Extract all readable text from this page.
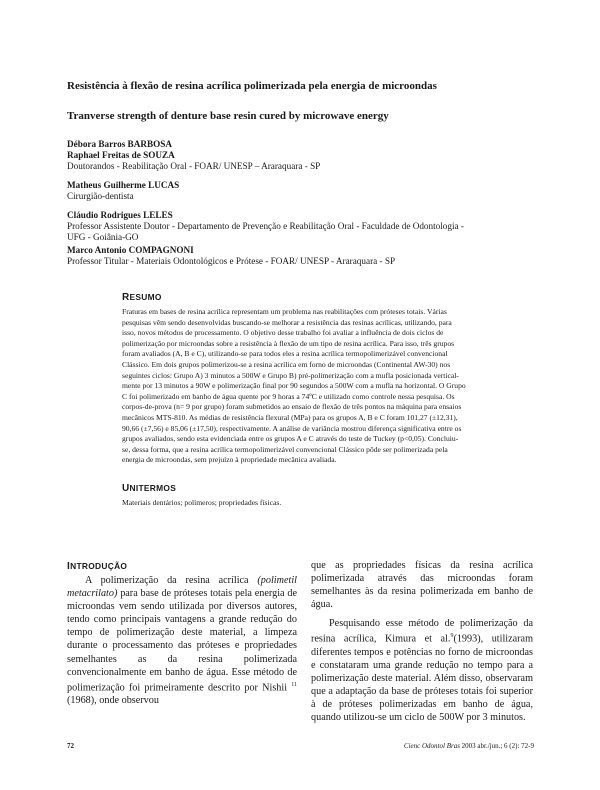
Resistência à flexão de resina acrílica polimerizada pela energia de microondas
Tranverse strength of denture base resin cured by microwave energy
Débora Barros BARBOSA
Raphael Freitas de SOUZA
Doutorandos - Reabilitação Oral - FOAR/ UNESP – Araraquara - SP
Matheus Guilherme LUCAS
Cirurgião-dentista
Cláudio Rodrigues LELES
Professor Assistente Doutor - Departamento de Prevenção e Reabilitação Oral - Faculdade de Odontologia -
UFG - Goiânia-GO
Marco Antonio COMPAGNONI
Professor Titular - Materiais Odontológicos e Prótese - FOAR/ UNESP - Araraquara - SP
RESUMO
Fraturas em bases de resina acrílica representam um problema nas reabilitações com próteses totais. Várias
pesquisas vêm sendo desenvolvidas buscando-se melhorar a resistência das resinas acrílicas, utilizando, para
isso, novos métodos de processamento. O objetivo desse trabalho foi avaliar a influência de dois ciclos de
polimerização por microondas sobre a resistência à flexão de um tipo de resina acrílica. Para isso, três grupos
foram avaliados (A, B e C), utilizando-se para todos eles a resina acrílica termopolimerizável convencional
Clássico. Em dois grupos polimerizou-se a resina acrílica em forno de microondas (Continental AW-30) nos
seguintes ciclos: Grupo A) 3 minutos a 500W e Grupo B) pré-polimerização com a mufla posicionada vertical-
mente por 13 minutos a 90W e polimerização final por 90 segundos a 500W com a mufla na horizontal. O Grupo
C foi polimerizado em banho de água quente por 9 horas a 74ºC e utilizado como controle nessa pesquisa. Os
corpos-de-prova (n= 9 por grupo) foram submetidos ao ensaio de flexão de três pontos na máquina para ensaios
mecânicos MTS-810. As médias de resistência flexural (MPa) para os grupos A, B e C foram 101,27 (±12,31),
90,66 (±7,56) e 85,06 (±17,50), respectivamente. A análise de variância mostrou diferença significativa entre os
grupos avaliados, sendo esta evidenciada entre os grupos A e C através do teste de Tuckey (p<0,05). Concluiu-
se, dessa forma, que a resina acrílica termopolimerizável convencional Clássico pôde ser polimerizada pela
energia de microondas, sem prejuízo à propriedade mecânica avaliada.
UNITERMOS
Materiais dentários; polímeros; propriedades físicas.
INTRODUÇÃO

A polimerização da resina acrílica (polimetil metacrilato) para base de próteses totais pela energia de microondas vem sendo utilizada por diversos autores, tendo como principais vantagens a grande redução do tempo de polimerização deste material, a limpeza durante o processamento das próteses e propriedades semelhantes as da resina polimerizada convencionalmente em banho de água. Esse método de polimerização foi primeiramente descrito por Nishii $^{11}$ (1968), onde observou

que as propriedades físicas da resina acrílica polimerizada através das microondas foram semelhantes às da resina polimerizada em banho de água.

Pesquisando esse método de polimerização da resina acrílica, Kimura et al.$^9$(1993), utilizaram diferentes tempos e potências no forno de microondas e constataram uma grande redução no tempo para a polimerização deste material. Além disso, observaram que a adaptação da base de próteses totais foi superior à de próteses polimerizadas em banho de água, quando utilizou-se um ciclo de 500W por 3 minutos.

72	Cienc Odontol Bras 2003 abr./jun.; 6 (2): 72-9
